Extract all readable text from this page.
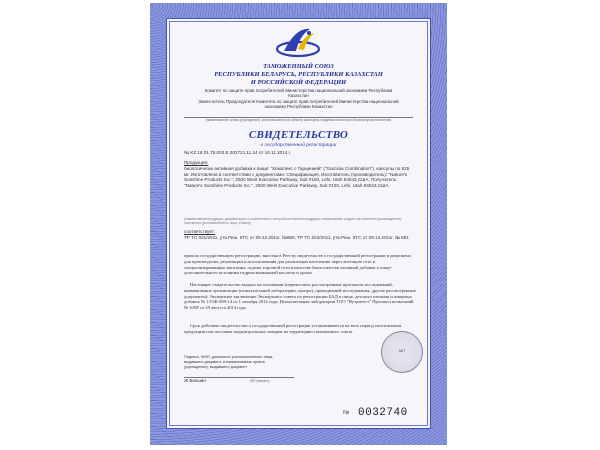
ТАМОЖЕННЫЙ СОЮЗ
РЕСПУБЛИКИ БЕЛАРУСЬ, РЕСПУБЛИКИ КАЗАХСТАН
И РОССИЙСКОЙ ФЕДЕРАЦИИ
Комитет по защите прав потребителей Министерства национальной экономики Республики
Казахстан
Заместитель Председателя Комитета по защите прав потребителей Министерства национальной
экономики Республики Казахстан
(наименование органа (учреждения), уполномоченного в области санитарно-эпидемиологического благополучия населения)
СВИДЕТЕЛЬСТВО
о государственной регистрации
№ KZ.16.01.78.003.E.002721.11.14 от 16.11.2014 г.
Продукция:
биологически активная добавка к пище: "Комплекс с Гарцинией" ("Garcinia Combination"), капсулы по 525 мг. Изготовлена в соответствии с документами: Спецификация. Изготовитель (производитель): "Nature's Sunshine Products Inc.", 2500 West Executive Parkway, Suit #100, Lehi, Utah 84043,США. Получатель: "Nature's Sunshine Products Inc.", 2500 West Executive Parkway, Suit #100, Lehi, Utah 84043,США.
(наименование продукции, документация, в соответствии с которой изготовлена продукция, наименование и адрес изготовителя (производителя), получателя (уполномоченного лица, страна))
соответствует:
ТР ТС 021/2011, утв.Реш. КТС от 09.12.2011г. №880; ТР ТС 022/2011, утв.Реш. КТС от 09.12.2011г. № 881
прошла государственную регистрацию, внесена в Реестр свидетельств о государственной регистрации и разрешена для производства, реализации и использования для реализации населению через аптечную сеть и специализированные магазины, отделы торговой сети в качестве биологически активной добавки к пище-дополнительного источника гидроксилимонной кислоты и хрома.
Настоящее свидетельство выдано на основании (перечислить рассмотренные протоколы исследований, наименование организации (испытательной лаборатории, центра), проводившей исследования, другие рассмотренные документы): Экспертное заключение Экспертного совета по регистрации БАД к пище, детского питания и пищевых добавок № 13/ЗК-089-14 от 1 октября 2014 года; Испытательная лаборатория ТОО "Нутритест" Протокол испытаний № 618Р от 29 августа 2014 года.
Срок действия свидетельства о государственной регистрации устанавливается на весь период изготовления продукции или поставок подконтрольных товаров на территорию таможенного союза.
Подпись, ФИО, должность уполномоченного лица,
выдавшего документ, и наименование органа
(учреждения), выдавшего документ
Ж.Бекшин	МП (печать)
МП
№ 0032740
